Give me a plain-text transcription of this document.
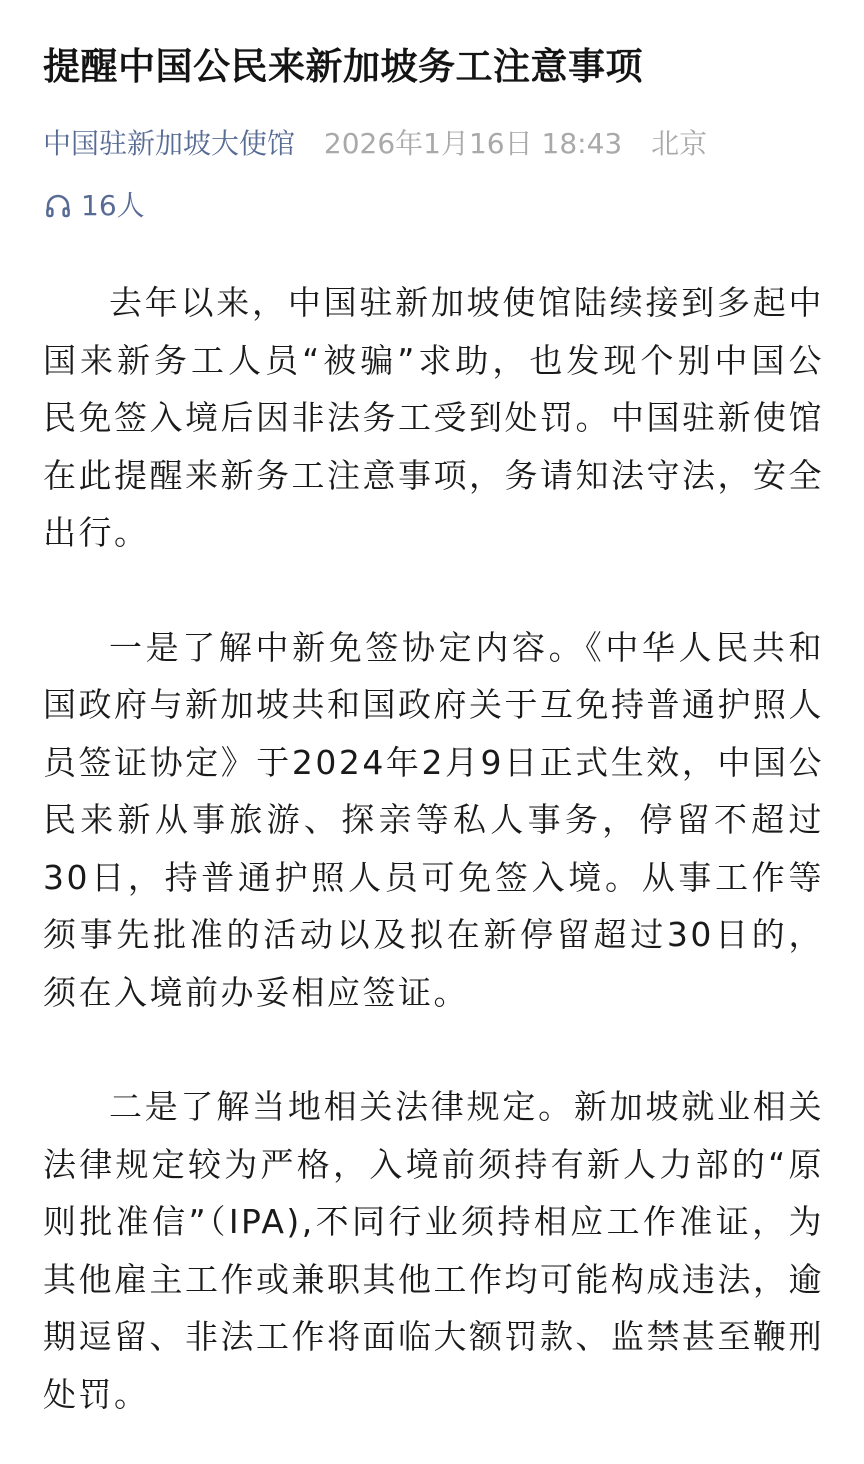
提醒中国公民来新加坡务工注意事项
中国驻新加坡大使馆 2026年1月16日 18:43 北京
16人

去年以来，中国驻新加坡使馆陆续接到多起中国来新务工人员“被骗”求助，也发现个别中国公民免签入境后因非法务工受到处罚。中国驻新使馆在此提醒来新务工注意事项，务请知法守法，安全出行。

一是了解中新免签协定内容。《中华人民共和国政府与新加坡共和国政府关于互免持普通护照人员签证协定》于2024年2月9日正式生效，中国公民来新从事旅游、探亲等私人事务，停留不超过30日，持普通护照人员可免签入境。从事工作等须事先批准的活动以及拟在新停留超过30日的，须在入境前办妥相应签证。

二是了解当地相关法律规定。新加坡就业相关法律规定较为严格，入境前须持有新人力部的“原则批准信”（IPA),不同行业须持相应工作准证，为其他雇主工作或兼职其他工作均可能构成违法，逾期逗留、非法工作将面临大额罚款、监禁甚至鞭刑处罚。
